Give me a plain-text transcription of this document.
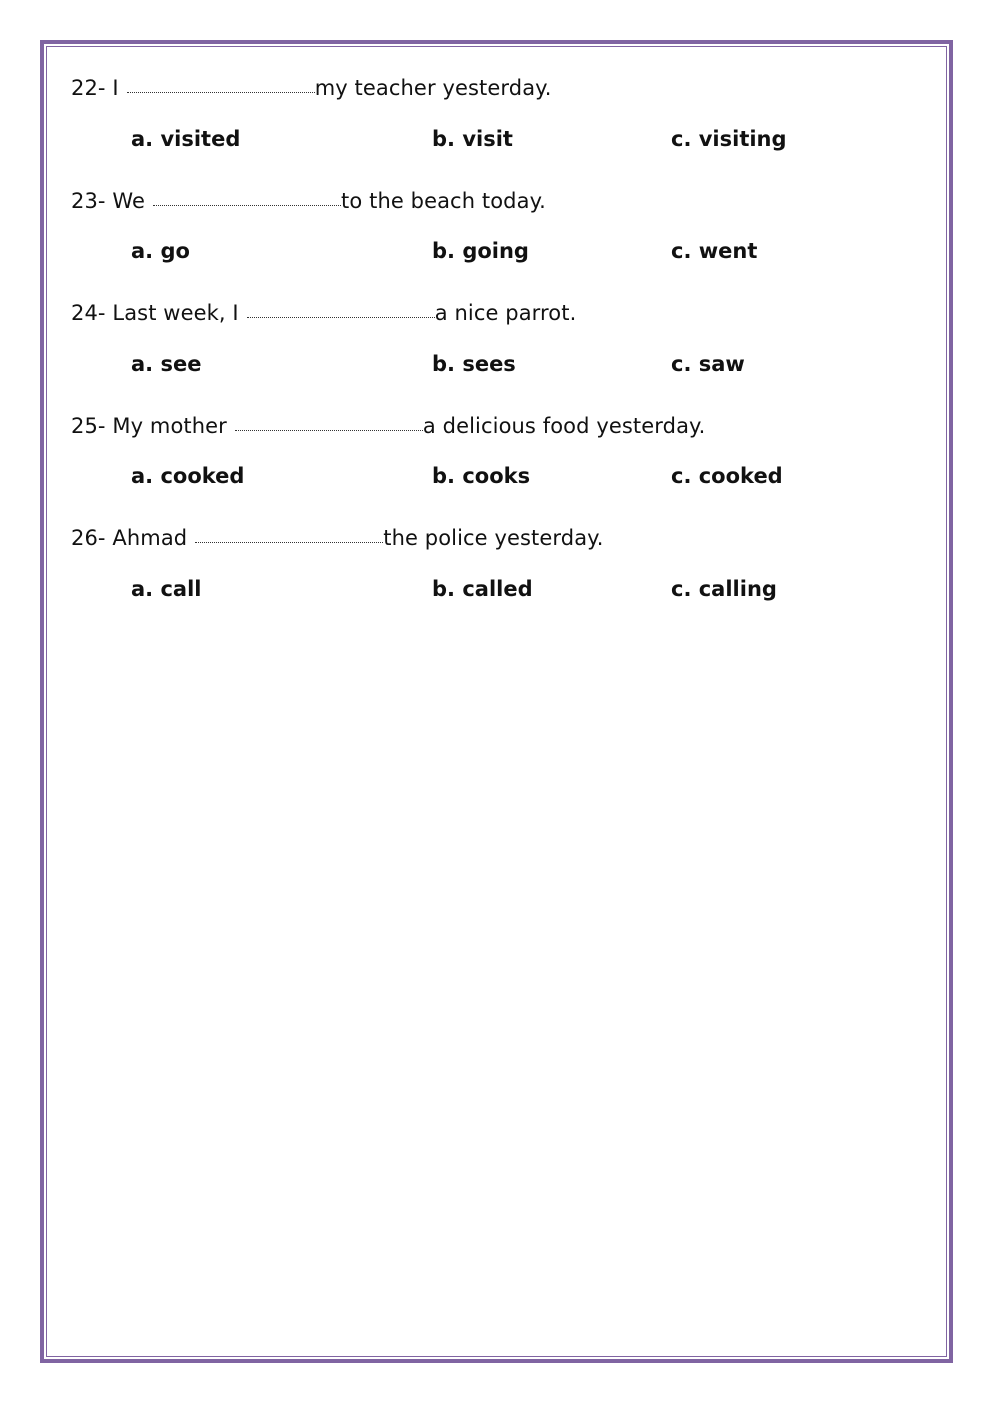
22-
I	my teacher yesterday.
a. visited	b. visit	c. visiting
23-
We	to the beach today.
a. go	b. going	c. went
24-
Last week, I	a nice parrot.
a. see	b. sees	c. saw
25-
My mother	a delicious food yesterday.
a. cooked	b. cooks	c. cooked
26-
Ahmad	the police yesterday.
a. call	b. called	c. calling
